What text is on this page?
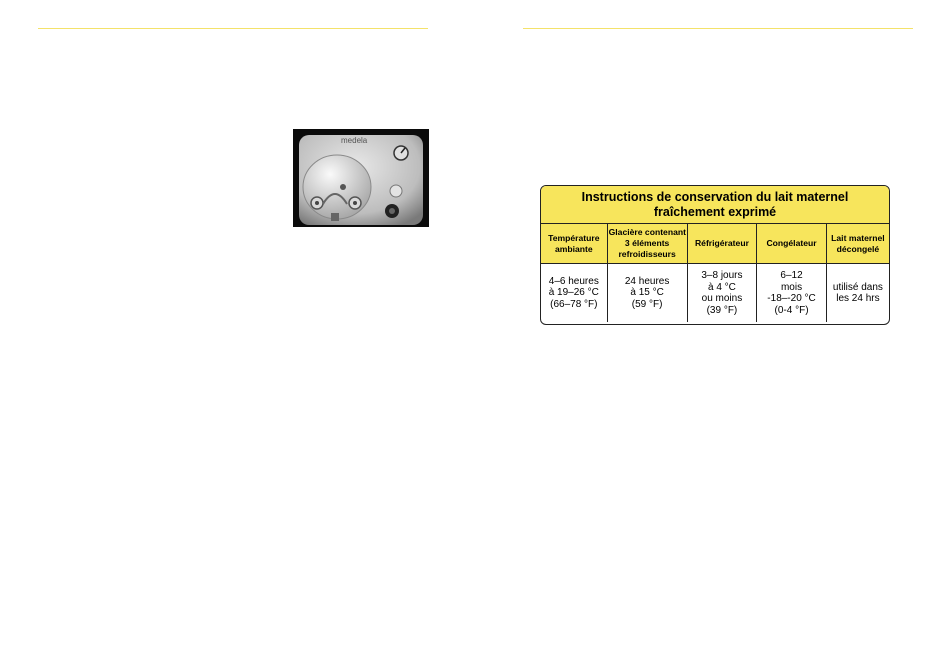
medela
Instructions de conservation du lait maternel
fraîchement exprimé
Température
ambiante	Glacière contenant
3 éléments
refroidisseurs	Réfrigérateur	Congélateur	Lait maternel
décongelé

4–6 heures
à 19–26 °C
(66–78 °F)	24 heures
à 15 °C
(59 °F)	3–8 jours
à 4 °C
ou moins
(39 °F)	6–12
mois
-18–-20 °C
(0-4 °F)	utilisé dans
les 24 hrs
